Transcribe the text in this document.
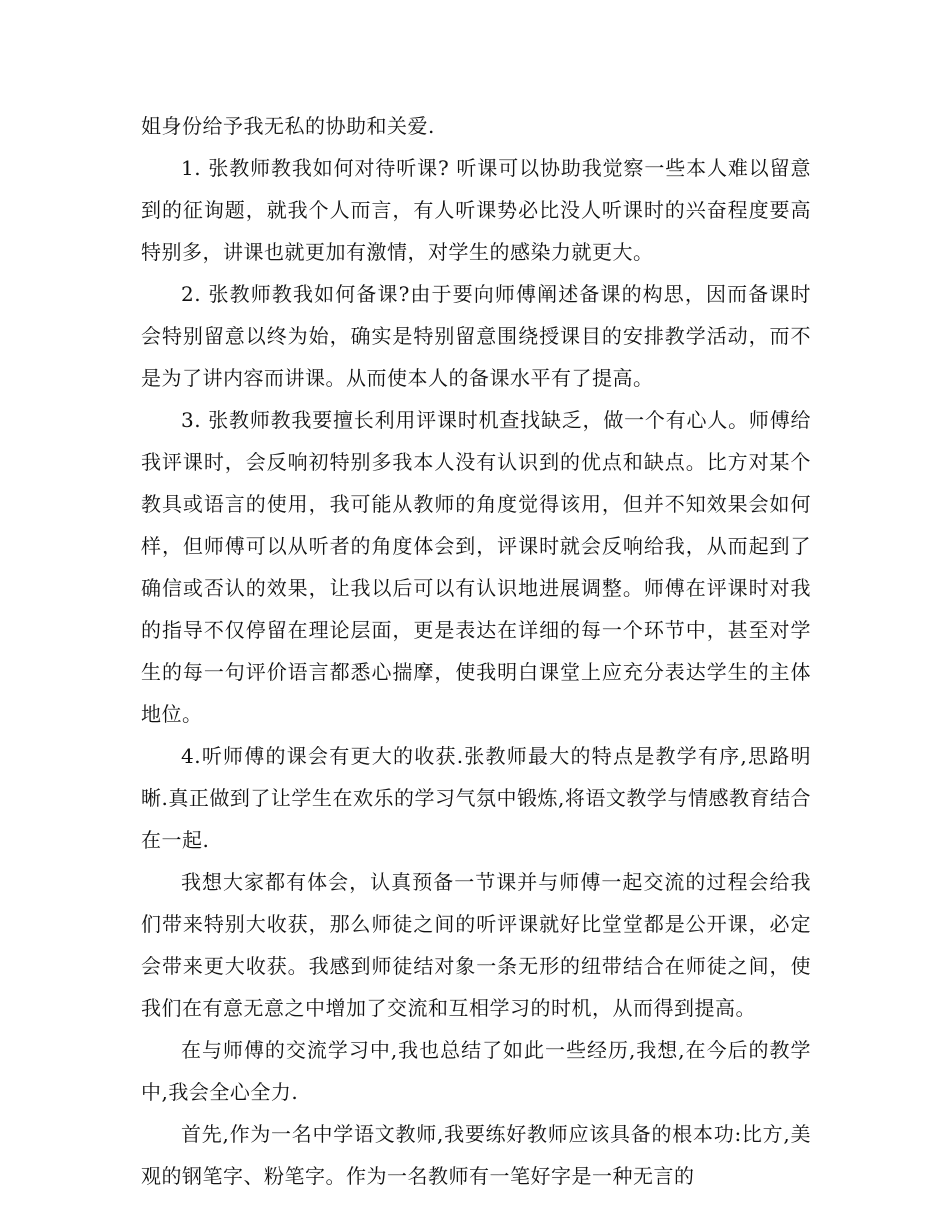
姐身份给予我无私的协助和关爱.

1. 张教师教我如何对待听课? 听课可以协助我觉察一些本人难以留意到的征询题，就我个人而言，有人听课势必比没人听课时的兴奋程度要高特别多，讲课也就更加有激情，对学生的感染力就更大。

2. 张教师教我如何备课?由于要向师傅阐述备课的构思，因而备课时会特别留意以终为始，确实是特别留意围绕授课目的安排教学活动，而不是为了讲内容而讲课。从而使本人的备课水平有了提高。

3. 张教师教我要擅长利用评课时机查找缺乏，做一个有心人。师傅给我评课时，会反响初特别多我本人没有认识到的优点和缺点。比方对某个教具或语言的使用，我可能从教师的角度觉得该用，但并不知效果会如何样，但师傅可以从听者的角度体会到，评课时就会反响给我，从而起到了确信或否认的效果，让我以后可以有认识地进展调整。师傅在评课时对我的指导不仅停留在理论层面，更是表达在详细的每一个环节中，甚至对学生的每一句评价语言都悉心揣摩，使我明白课堂上应充分表达学生的主体地位。

4.听师傅的课会有更大的收获.张教师最大的特点是教学有序,思路明晰.真正做到了让学生在欢乐的学习气氛中锻炼,将语文教学与情感教育结合在一起.

我想大家都有体会，认真预备一节课并与师傅一起交流的过程会给我们带来特别大收获，那么师徒之间的听评课就好比堂堂都是公开课，必定会带来更大收获。我感到师徒结对象一条无形的纽带结合在师徒之间，使我们在有意无意之中增加了交流和互相学习的时机，从而得到提高。

在与师傅的交流学习中,我也总结了如此一些经历,我想,在今后的教学中,我会全心全力.

首先,作为一名中学语文教师,我要练好教师应该具备的根本功:比方,美观的钢笔字、粉笔字。作为一名教师有一笔好字是一种无言的
